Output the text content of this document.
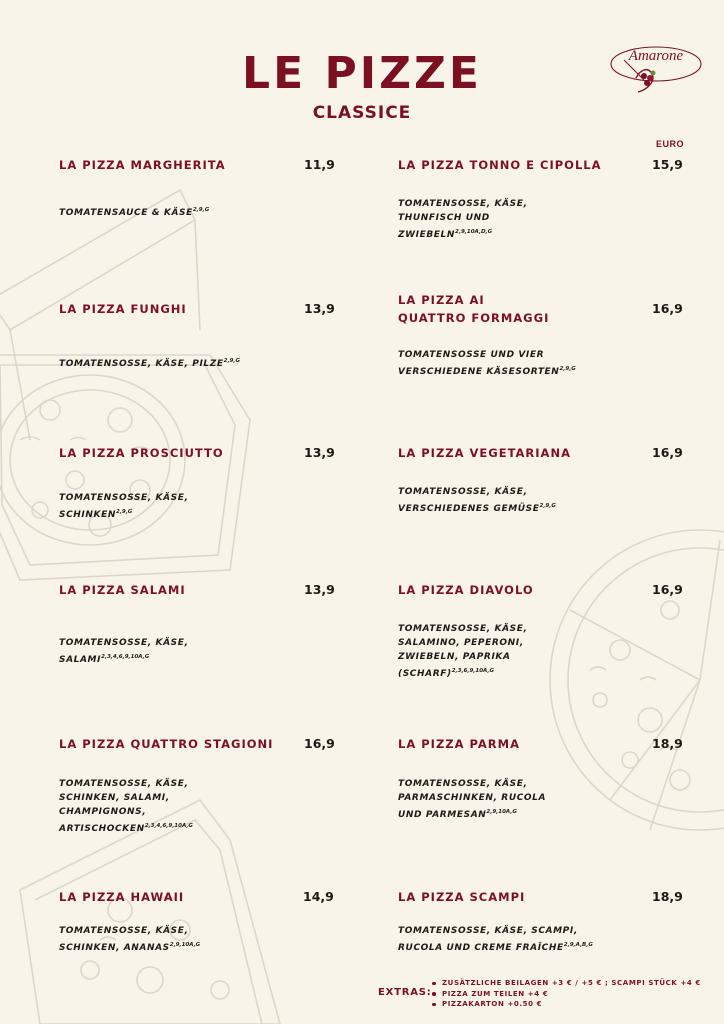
LE PIZZE
CLASSICE
Amarone
EURO
LA PIZZA MARGHERITA	11,9
TOMATENSAUCE & $KÄSE^{2,9,G}$
LA PIZZA FUNGHI	13,9
TOMATENSOSSE, KÄSE, $PILZE^{2,9,G}$
LA PIZZA PROSCIUTTO	13,9
TOMATENSOSSE, KÄSE, $SCHINKEN^{2,9,G}$
LA PIZZA SALAMI	13,9
TOMATENSOSSE, KÄSE, $SALAMI^{2,3,4,6,9,10A,G}$
LA PIZZA QUATTRO STAGIONI	16,9
TOMATENSOSSE, KÄSE, SCHINKEN, SALAMI, CHAMPIGNONS, $ARTISCHOCKEN^{2,3,4,6,9,10A,G}$
LA PIZZA HAWAII	14,9
TOMATENSOSSE, KÄSE, SCHINKEN, $ANANAS^{2,9,10A,G}$
LA PIZZA TONNO E CIPOLLA	15,9
TOMATENSOSSE, KÄSE, THUNFISCH UND $ZWIEBELN^{2,9,10A,D,G}$
LA PIZZA AI QUATTRO FORMAGGI
16,9
TOMATENSOSSE UND VIER VERSCHIEDENE $KÄSESORTEN^{2,9,G}$
LA PIZZA VEGETARIANA	16,9
TOMATENSOSSE, KÄSE, VERSCHIEDENES $GEMÜSE^{2,9,G}$
LA PIZZA DIAVOLO	16,9
TOMATENSOSSE, KÄSE, SALAMINO, PEPERONI, ZWIEBELN, PAPRIKA (SCHARF)$^{2,3,6,9,10A,G}$
LA PIZZA PARMA	18,9
TOMATENSOSSE, KÄSE, PARMASCHINKEN, RUCOLA UND $PARMESAN^{2,9,10A,G}$
LA PIZZA SCAMPI	18,9
TOMATENSOSSE, KÄSE, SCAMPI, RUCOLA UND CREME $FRAÎCHE^{2,9,A,B,G}$
EXTRAS:
ZUSÄTZLICHE BEILAGEN +3 € / +5 € ; SCAMPI STÜCK +4 €
PIZZA ZUM TEILEN +4 €
PIZZAKARTON +0.50 €
